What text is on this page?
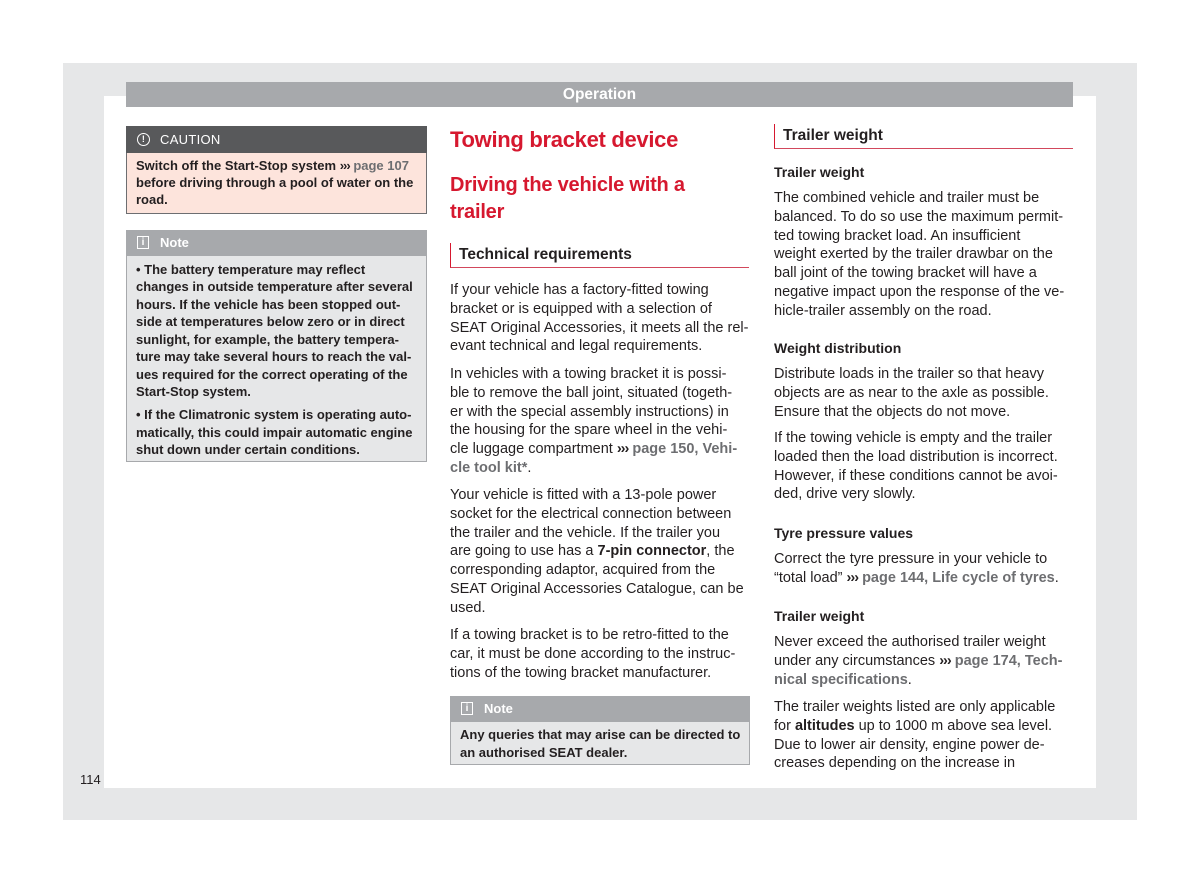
Operation
!	CAUTION
Switch off the Start-Stop system ››› page 107
before driving through a pool of water on the
road.
i	Note
• The battery temperature may reflect
changes in outside temperature after several
hours. If the vehicle has been stopped out-
side at temperatures below zero or in direct
sunlight, for example, the battery tempera-
ture may take several hours to reach the val-
ues required for the correct operating of the
Start-Stop system.
• If the Climatronic system is operating auto-
matically, this could impair automatic engine
shut down under certain conditions.
Towing bracket device
Driving the vehicle with a
trailer
Technical requirements
If your vehicle has a factory-fitted towing
bracket or is equipped with a selection of
SEAT Original Accessories, it meets all the rel-
evant technical and legal requirements.
In vehicles with a towing bracket it is possi-
ble to remove the ball joint, situated (togeth-
er with the special assembly instructions) in
the housing for the spare wheel in the vehi-
cle luggage compartment ››› page 150, Vehi-
cle tool kit*.
Your vehicle is fitted with a 13-pole power
socket for the electrical connection between
the trailer and the vehicle. If the trailer you
are going to use has a 7-pin connector, the
corresponding adaptor, acquired from the
SEAT Original Accessories Catalogue, can be
used.
If a towing bracket is to be retro-fitted to the
car, it must be done according to the instruc-
tions of the towing bracket manufacturer.
i	Note
Any queries that may arise can be directed to
an authorised SEAT dealer.
Trailer weight
Trailer weight
The combined vehicle and trailer must be
balanced. To do so use the maximum permit-
ted towing bracket load. An insufficient
weight exerted by the trailer drawbar on the
ball joint of the towing bracket will have a
negative impact upon the response of the ve-
hicle-trailer assembly on the road.
Weight distribution
Distribute loads in the trailer so that heavy
objects are as near to the axle as possible.
Ensure that the objects do not move.
If the towing vehicle is empty and the trailer
loaded then the load distribution is incorrect.
However, if these conditions cannot be avoi-
ded, drive very slowly.
Tyre pressure values
Correct the tyre pressure in your vehicle to
“total load” ››› page 144, Life cycle of tyres.
Trailer weight
Never exceed the authorised trailer weight
under any circumstances ››› page 174, Tech-
nical specifications.
The trailer weights listed are only applicable
for altitudes up to 1000 m above sea level.
Due to lower air density, engine power de-
creases depending on the increase in
114
